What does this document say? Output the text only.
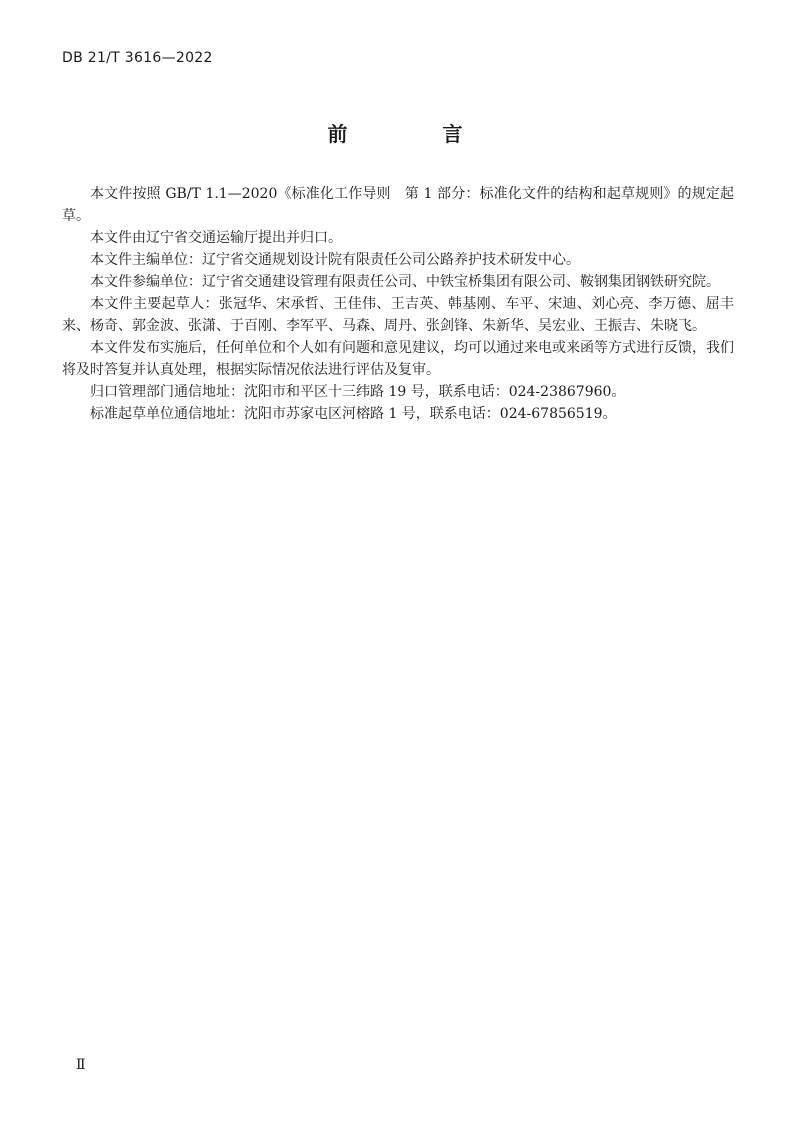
DB 21/T 3616—2022
前 言

本文件按照 GB/T 1.1—2020《标准化工作导则　第 1 部分：标准化文件的结构和起草规则》的规定起草。

本文件由辽宁省交通运输厅提出并归口。

本文件主编单位：辽宁省交通规划设计院有限责任公司公路养护技术研发中心。

本文件参编单位：辽宁省交通建设管理有限责任公司、中铁宝桥集团有限公司、鞍钢集团钢铁研究院。

本文件主要起草人：张冠华、宋承哲、王佳伟、王吉英、韩基刚、车平、宋迪、刘心亮、李万德、屈丰来、杨奇、郭金波、张潇、于百刚、李军平、马森、周丹、张剑锋、朱新华、吴宏业、王振吉、朱晓飞。

本文件发布实施后，任何单位和个人如有问题和意见建议，均可以通过来电或来函等方式进行反馈，我们将及时答复并认真处理，根据实际情况依法进行评估及复审。

归口管理部门通信地址：沈阳市和平区十三纬路 19 号，联系电话：024-23867960。

标准起草单位通信地址：沈阳市苏家屯区河榕路 1 号，联系电话：024-67856519。

Ⅱ
